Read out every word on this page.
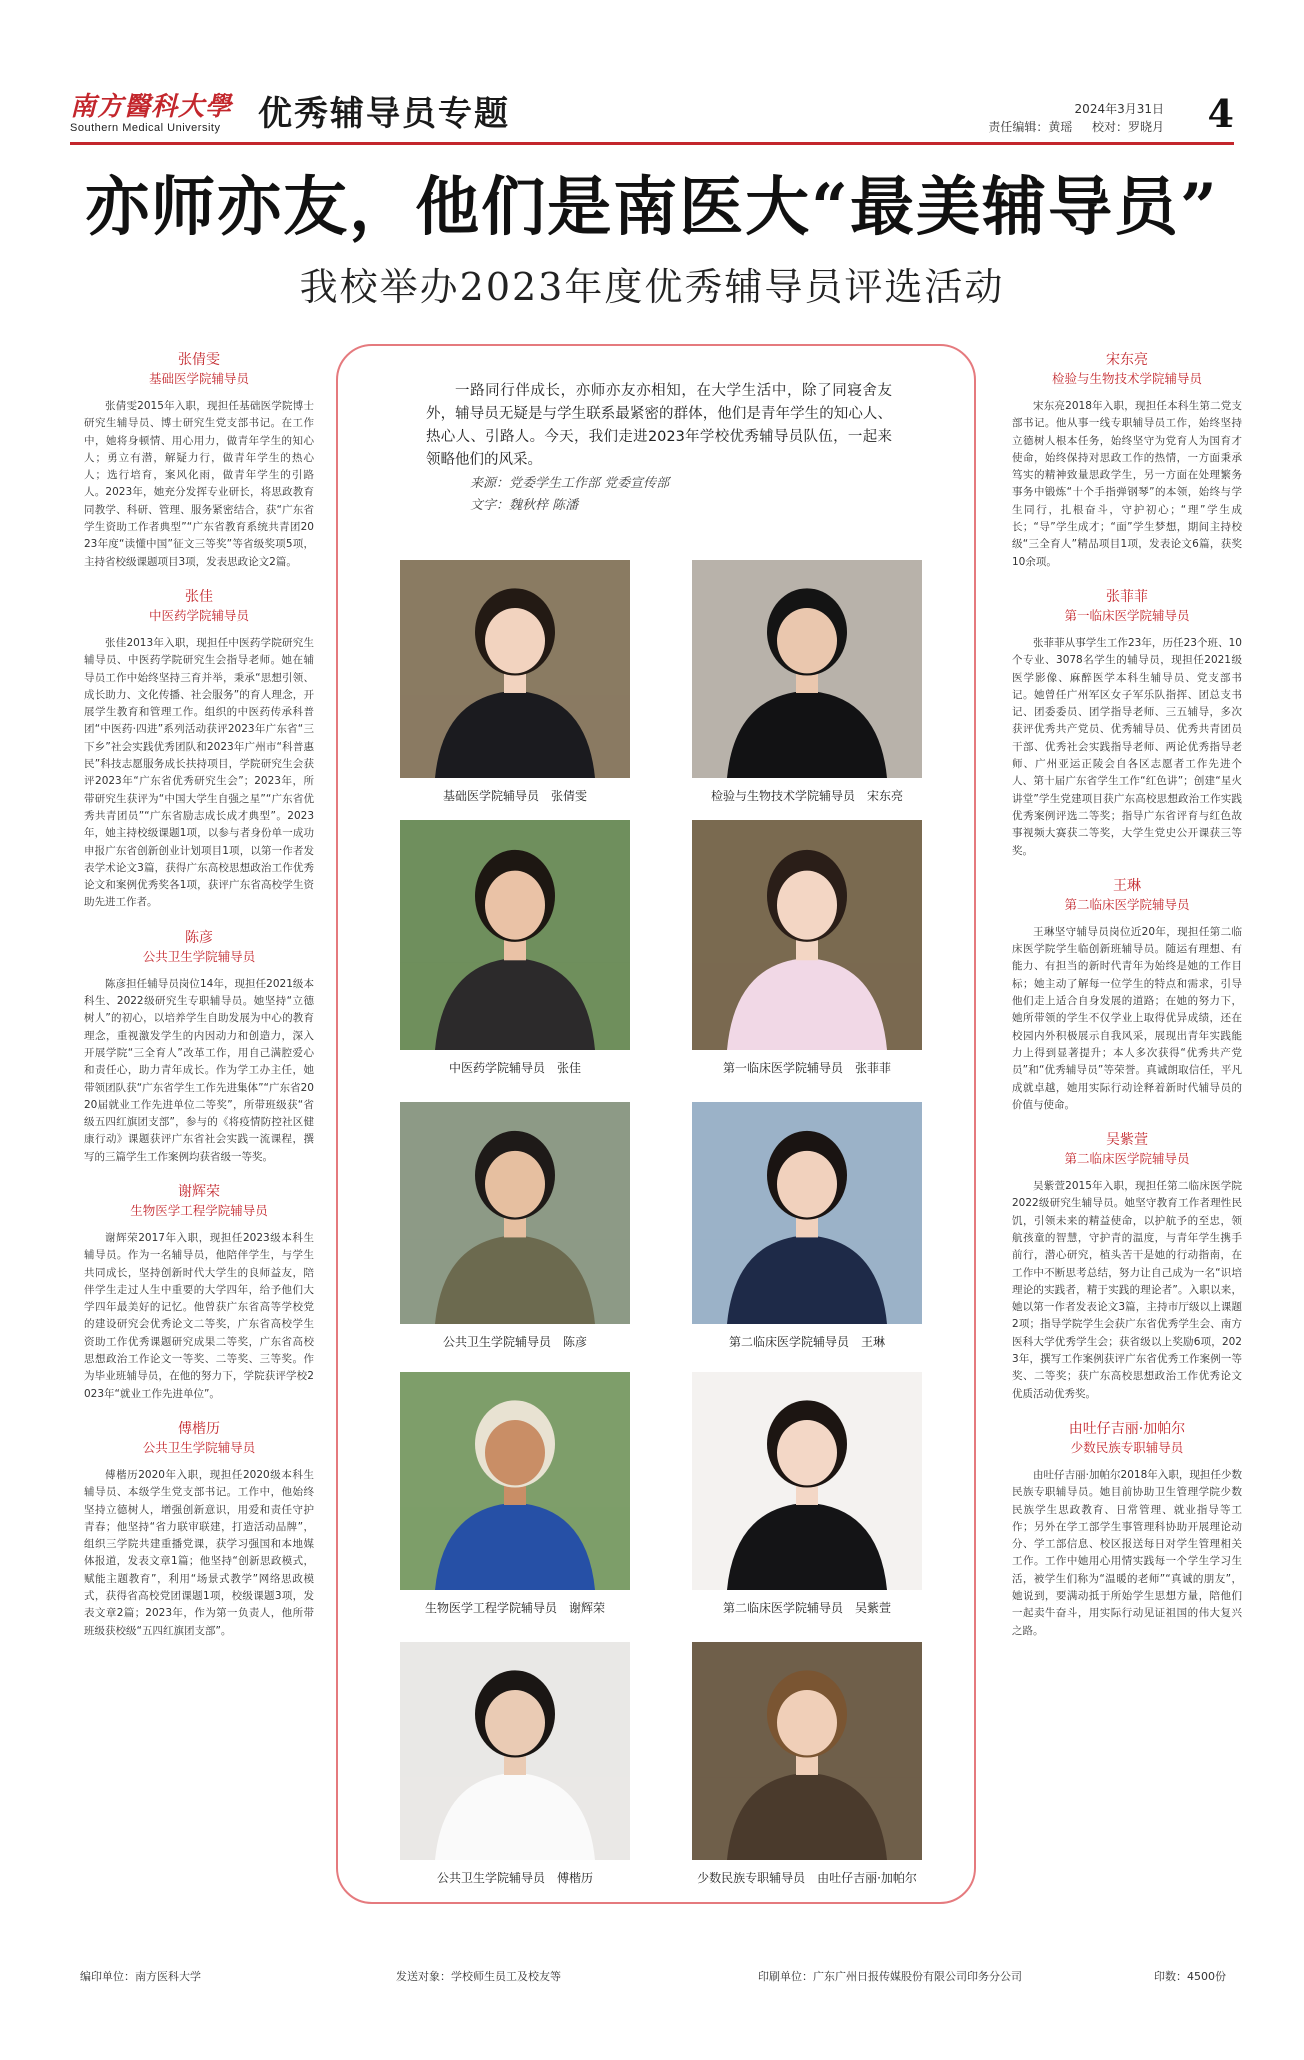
南方醫科大學
Southern Medical University	优秀辅导员专题	2024年3月31日
责任编辑：黄瑶 校对：罗晓月 4
亦师亦友，他们是南医大“最美辅导员”
我校举办2023年度优秀辅导员评选活动
张倩雯
基础医学院辅导员
张倩雯2015年入职，现担任基础医学院博士研究生辅导员、博士研究生党支部书记。在工作中，她将身顿情、用心用力，做青年学生的知心人；勇立有潜，解疑力行，做青年学生的热心人；选行培育，案风化雨，做青年学生的引路人。2023年，她充分发挥专业研长，将思政教育同教学、科研、管理、服务紧密结合，获“广东省学生资助工作者典型”“广东省教育系统共青团2023年度“读懂中国”征文三等奖”等省级奖项5项，主持省校级课题项目3项，发表思政论文2篇。
张佳
中医药学院辅导员
张佳2013年入职，现担任中医药学院研究生辅导员、中医药学院研究生会指导老师。她在辅导员工作中始终坚持三育并举，秉承“思想引领、成长助力、文化传播、社会服务”的育人理念，开展学生教育和管理工作。组织的中医药传承科普团“中医药·四进”系列活动获评2023年广东省“三下乡”社会实践优秀团队和2023年广州市“科普惠民”科技志愿服务成长扶持项目，学院研究生会获评2023年“广东省优秀研究生会”；2023年，所带研究生获评为“中国大学生自强之星”“广东省优秀共青团员”“广东省励志成长成才典型”。2023年，她主持校级课题1项，以参与者身份单一成功申报广东省创新创业计划项目1项，以第一作者发表学术论文3篇，获得广东高校思想政治工作优秀论文和案例优秀奖各1项，获评广东省高校学生资助先进工作者。
陈彦
公共卫生学院辅导员
陈彦担任辅导员岗位14年，现担任2021级本科生、2022级研究生专职辅导员。她坚持“立德树人”的初心，以培养学生自助发展为中心的教育理念，重视激发学生的内因动力和创造力，深入开展学院“三全育人”改革工作，用自己满腔爱心和责任心，助力青年成长。作为学工办主任，她带领团队获“广东省学生工作先进集体”“广东省2020届就业工作先进单位二等奖”，所带班级获“省级五四红旗团支部”，参与的《将疫情防控社区健康行动》课题获评广东省社会实践一流课程，撰写的三篇学生工作案例均获省级一等奖。
谢辉荣
生物医学工程学院辅导员
谢辉荣2017年入职，现担任2023级本科生辅导员。作为一名辅导员，他陪伴学生，与学生共同成长，坚持创新时代大学生的良师益友，陪伴学生走过人生中重要的大学四年，给予他们大学四年最美好的记忆。他曾获广东省高等学校党的建设研究会优秀论文二等奖，广东省高校学生资助工作优秀课题研究成果二等奖，广东省高校思想政治工作论文一等奖、二等奖、三等奖。作为毕业班辅导员，在他的努力下，学院获评学校2023年“就业工作先进单位”。
傅楷历
公共卫生学院辅导员
傅楷历2020年入职，现担任2020级本科生辅导员、本级学生党支部书记。工作中，他始终坚持立德树人，增强创新意识，用爱和责任守护青春；他坚持“省力联审联建，打造活动品牌”，组织三学院共建重播党课，获学习强国和本地媒体报道，发表文章1篇；他坚持“创新思政模式，赋能主题教育”，利用“场景式教学”网络思政模式，获得省高校党团课题1项，校级课题3项，发表文章2篇；2023年，作为第一负责人，他所带班级获校级“五四红旗团支部”。
宋东亮
检验与生物技术学院辅导员
宋东亮2018年入职，现担任本科生第二党支部书记。他从事一线专职辅导员工作，始终坚持立德树人根本任务，始终坚守为党育人为国育才使命，始终保持对思政工作的热情，一方面秉承笃实的精神致量思政学生，另一方面在处理繁务事务中锻炼“十个手指弹钢琴”的本领，始终与学生同行，扎根奋斗，守护初心；“理”学生成长；“导”学生成才；“面”学生梦想，期间主持校级“三全育人”精品项目1项，发表论文6篇，获奖10余项。
张菲菲
第一临床医学院辅导员
张菲菲从事学生工作23年，历任23个班、10个专业、3078名学生的辅导员，现担任2021级医学影像、麻醉医学本科生辅导员、党支部书记。她曾任广州军区女子军乐队指挥、团总支书记、团委委员、团学指导老师、三五辅导，多次获评优秀共产党员、优秀辅导员、优秀共青团员干部、优秀社会实践指导老师、两论优秀指导老师、广州亚运正陵会自各区志愿者工作先进个人、第十届广东省学生工作“红色讲”；创建“星火讲堂”学生党建项目获广东高校思想政治工作实践优秀案例评选二等奖；指导广东省评育与红色故事视频大赛获二等奖，大学生党史公开课获三等奖。
王琳
第二临床医学院辅导员
王琳坚守辅导员岗位近20年，现担任第二临床医学院学生临创新班辅导员。随运有理想、有能力、有担当的新时代青年为始终是她的工作目标；她主动了解每一位学生的特点和需求，引导他们走上适合自身发展的道路；在她的努力下，她所带领的学生不仅学业上取得优异成绩，还在校园内外积极展示自我风采，展现出青年实践能力上得到显著提升；本人多次获得“优秀共产党员”和“优秀辅导员”等荣誉。真诚朗取信任，平凡成就卓越，她用实际行动诠释着新时代辅导员的价值与使命。
吴紫萱
第二临床医学院辅导员
吴紫萱2015年入职，现担任第二临床医学院2022级研究生辅导员。她坚守教育工作者理性民饥，引领未来的精益使命，以护航予的至忠，领航孩童的智慧，守护青的温度，与青年学生携手前行，潜心研究，植头苦干是她的行动指南，在工作中不断思考总结，努力让自己成为一名“识培理论的实践者，精于实践的理论者”。入职以来，她以第一作者发表论文3篇，主持市厅级以上课题2项；指导学院学生会获广东省优秀学生会、南方医科大学优秀学生会；获省级以上奖励6项，2023年，撰写工作案例获评广东省优秀工作案例一等奖、二等奖；获广东高校思想政治工作优秀论文优质活动优秀奖。
由吐仔吉丽·加帕尔
少数民族专职辅导员
由吐仔吉丽·加帕尔2018年入职，现担任少数民族专职辅导员。她目前协助卫生管理学院少数民族学生思政教育、日常管理、就业指导等工作；另外在学工部学生事管理科协助开展理论动分、学工部信息、校区报送每日对学生管理相关工作。工作中她用心用情实践每一个学生学习生活，被学生们称为“温暖的老师”“真诚的朋友”，她说到，要满动抵于所始学生思想方量，陪他们一起卖牛奋斗，用实际行动见证祖国的伟大复兴之路。
一路同行伴成长，亦师亦友亦相知，在大学生活中，除了同寝舍友外，辅导员无疑是与学生联系最紧密的群体，他们是青年学生的知心人、热心人、引路人。今天，我们走进2023年学校优秀辅导员队伍，一起来领略他们的风采。
来源：党委学生工作部 党委宣传部
文字：魏秋梓 陈潘
基础医学院辅导员　张倩雯	检验与生物技术学院辅导员　宋东亮
中医药学院辅导员　张佳	第一临床医学院辅导员　张菲菲
公共卫生学院辅导员　陈彦	第二临床医学院辅导员　王琳
生物医学工程学院辅导员　谢辉荣	第二临床医学院辅导员　吴紫萱
公共卫生学院辅导员　傅楷历	少数民族专职辅导员　由吐仔吉丽·加帕尔
编印单位：南方医科大学	发送对象：学校师生员工及校友等	印刷单位：广东广州日报传媒股份有限公司印务分公司	印数：4500份
